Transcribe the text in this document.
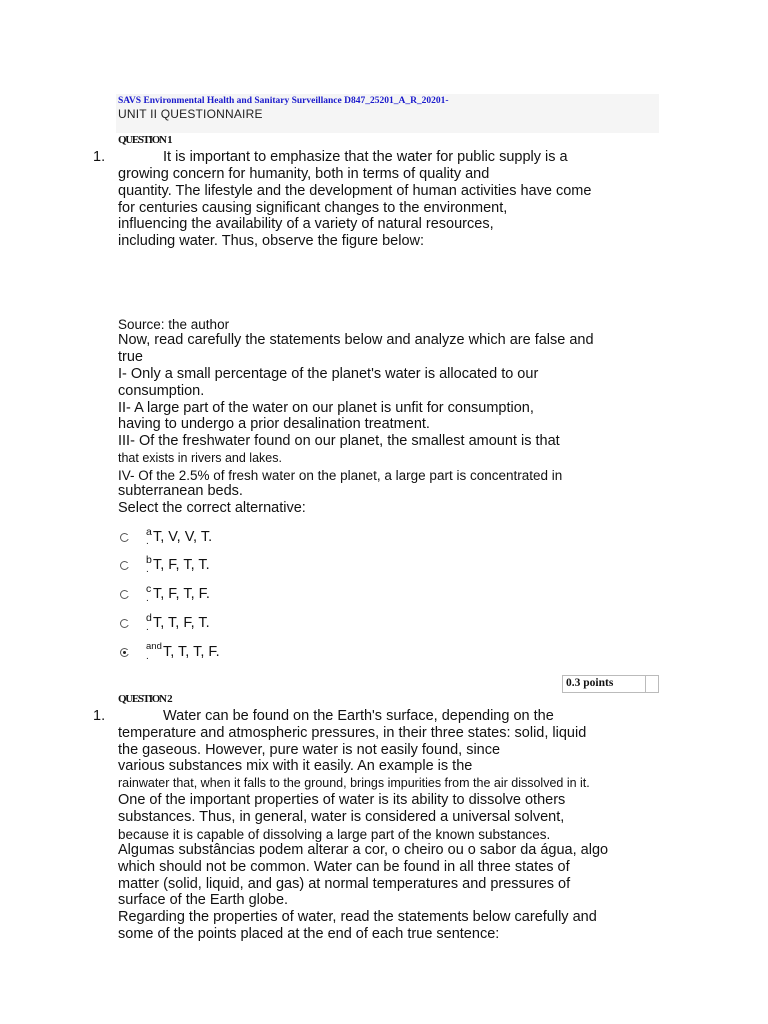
SAVS Environmental Health and Sanitary Surveillance D847_25201_A_R_20201-
UNIT II QUESTIONNAIRE
QUESTION 1
1.	It is important to emphasize that the water for public supply is a
growing concern for humanity, both in terms of quality and
quantity. The lifestyle and the development of human activities have come
for centuries causing significant changes to the environment,
influencing the availability of a variety of natural resources,
including water. Thus, observe the figure below:
Source: the author
Now, read carefully the statements below and analyze which are false and
true
I- Only a small percentage of the planet's water is allocated to our
consumption.
II- A large part of the water on our planet is unfit for consumption,
having to undergo a prior desalination treatment.
III- Of the freshwater found on our planet, the smallest amount is that
that exists in rivers and lakes.
IV- Of the 2.5% of fresh water on the planet, a large part is concentrated in
subterranean beds.
Select the correct alternative:
a
. T, V, V, T.
b
. T, F, T, T.
c
. T, F, T, F.
d
. T, T, F, T.
and
. T, T, T, F.
0.3 points
QUESTION 2
1.	Water can be found on the Earth's surface, depending on the
temperature and atmospheric pressures, in their three states: solid, liquid
the gaseous. However, pure water is not easily found, since
various substances mix with it easily. An example is the
rainwater that, when it falls to the ground, brings impurities from the air dissolved in it.
One of the important properties of water is its ability to dissolve others
substances. Thus, in general, water is considered a universal solvent,
because it is capable of dissolving a large part of the known substances.
Algumas substâncias podem alterar a cor, o cheiro ou o sabor da água, algo
which should not be common. Water can be found in all three states of
matter (solid, liquid, and gas) at normal temperatures and pressures of
surface of the Earth globe.
Regarding the properties of water, read the statements below carefully and
some of the points placed at the end of each true sentence:
